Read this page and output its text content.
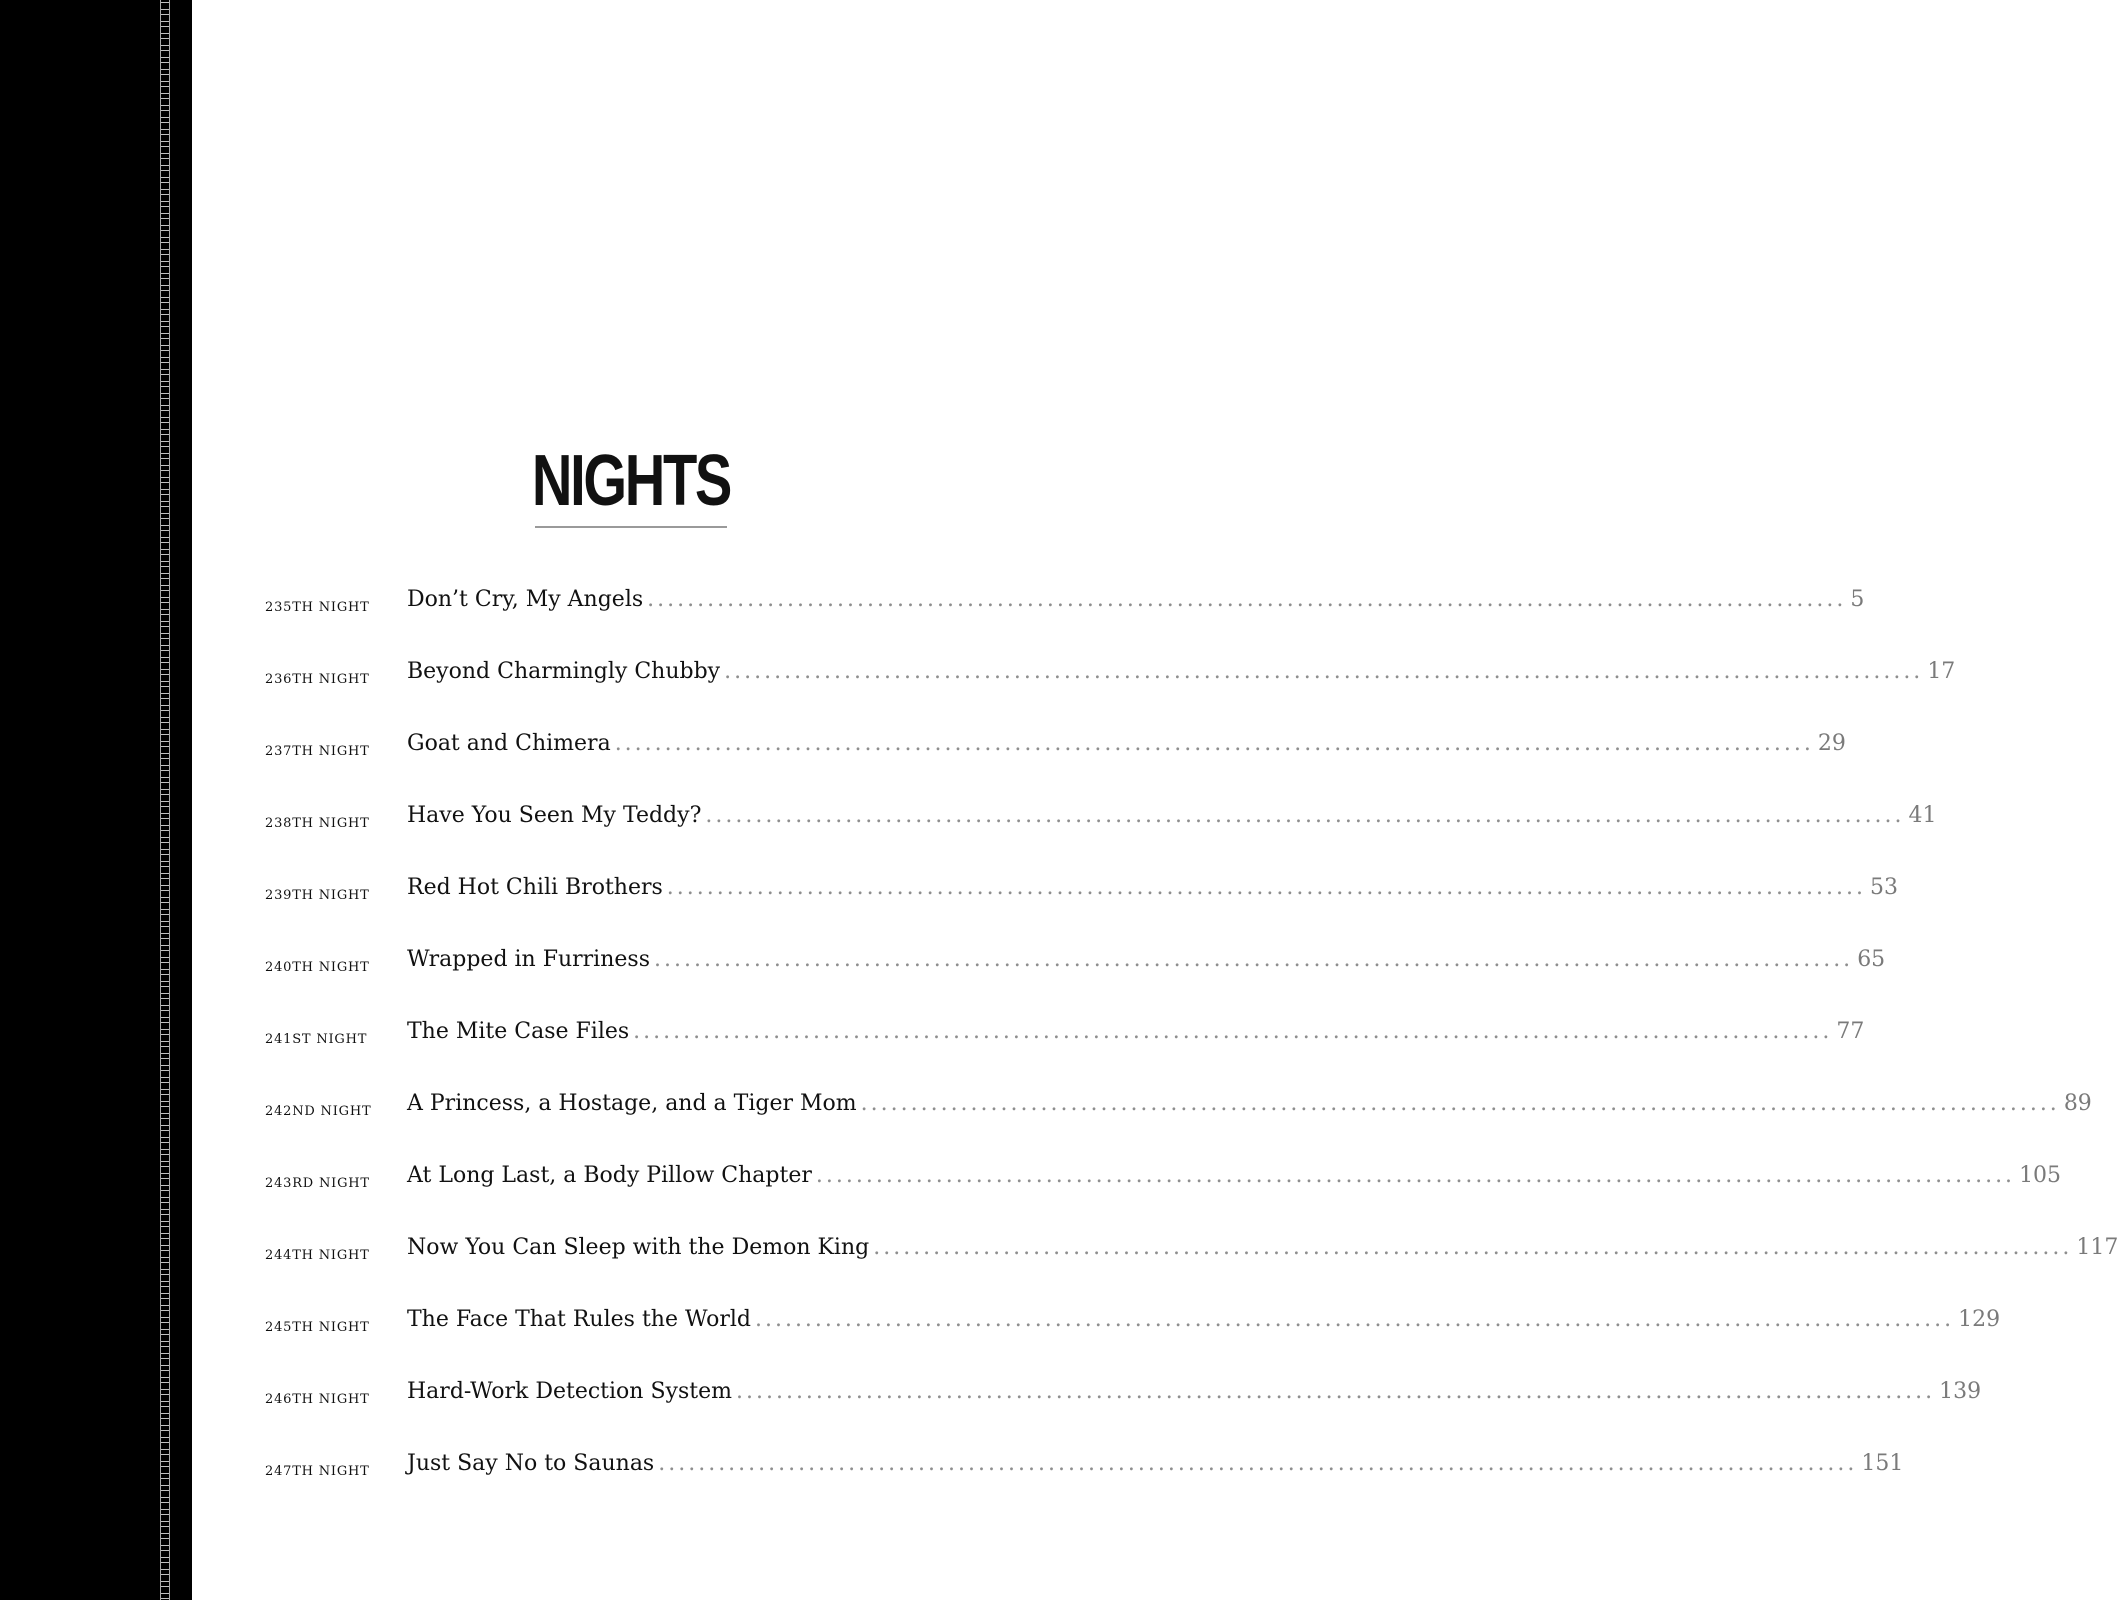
NIGHTS
235TH NIGHT	Don’t Cry, My Angels ........................................................................................................................ 5
236TH NIGHT	Beyond Charmingly Chubby ........................................................................................................................ 17
237TH NIGHT	Goat and Chimera ........................................................................................................................ 29
238TH NIGHT	Have You Seen My Teddy? ........................................................................................................................ 41
239TH NIGHT	Red Hot Chili Brothers ........................................................................................................................ 53
240TH NIGHT	Wrapped in Furriness ........................................................................................................................ 65
241ST NIGHT	The Mite Case Files ........................................................................................................................ 77
242ND NIGHT	A Princess, a Hostage, and a Tiger Mom ........................................................................................................................ 89
243RD NIGHT	At Long Last, a Body Pillow Chapter ........................................................................................................................ 105
244TH NIGHT	Now You Can Sleep with the Demon King ........................................................................................................................ 117
245TH NIGHT	The Face That Rules the World ........................................................................................................................ 129
246TH NIGHT	Hard-Work Detection System ........................................................................................................................ 139
247TH NIGHT	Just Say No to Saunas ........................................................................................................................ 151
